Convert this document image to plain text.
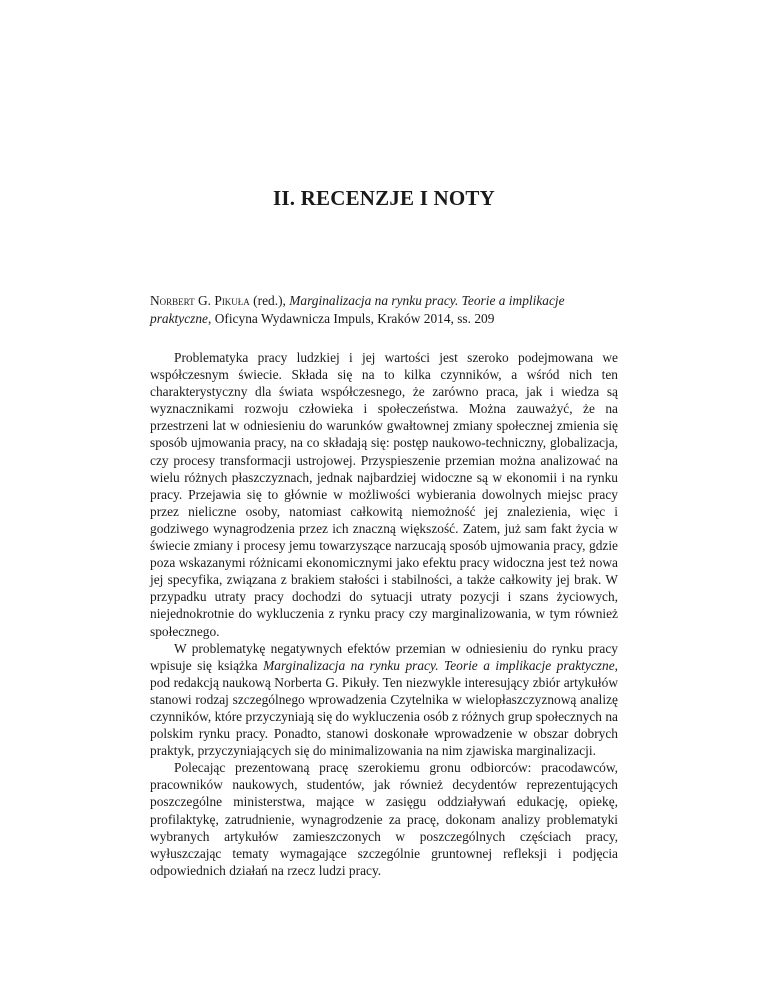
II. RECENZJE I NOTY

Norbert G. Pikuła (red.), Marginalizacja na rynku pracy. Teorie a implikacje praktyczne, Oficyna Wydawnicza Impuls, Kraków 2014, ss. 209

Problematyka pracy ludzkiej i jej wartości jest szeroko podejmowana we współczesnym świecie. Składa się na to kilka czynników, a wśród nich ten charakterystyczny dla świata współczesnego, że zarówno praca, jak i wiedza są wyznacznikami rozwoju człowieka i społeczeństwa. Można zauważyć, że na przestrzeni lat w odniesieniu do warunków gwałtownej zmiany społecznej zmienia się sposób ujmowania pracy, na co składają się: postęp naukowo-techniczny, globalizacja, czy procesy transformacji ustrojowej. Przyspieszenie przemian można analizować na wielu różnych płaszczyznach, jednak najbardziej widoczne są w ekonomii i na rynku pracy. Przejawia się to głównie w możliwości wybierania dowolnych miejsc pracy przez nieliczne osoby, natomiast całkowitą niemożność jej znalezienia, więc i godziwego wynagrodzenia przez ich znaczną większość. Zatem, już sam fakt życia w świecie zmiany i procesy jemu towarzyszące narzucają sposób ujmowania pracy, gdzie poza wskazanymi różnicami ekonomicznymi jako efektu pracy widoczna jest też nowa jej specyfika, związana z brakiem stałości i stabilności, a także całkowity jej brak. W przypadku utraty pracy dochodzi do sytuacji utraty pozycji i szans życiowych, niejednokrotnie do wykluczenia z rynku pracy czy marginalizowania, w tym również społecznego.

W problematykę negatywnych efektów przemian w odniesieniu do rynku pracy wpisuje się książka Marginalizacja na rynku pracy. Teorie a implikacje praktyczne, pod redakcją naukową Norberta G. Pikuły. Ten niezwykle interesujący zbiór artykułów stanowi rodzaj szczególnego wprowadzenia Czytelnika w wielopłaszczyznową analizę czynników, które przyczyniają się do wykluczenia osób z różnych grup społecznych na polskim rynku pracy. Ponadto, stanowi doskonałe wprowadzenie w obszar dobrych praktyk, przyczyniających się do minimalizowania na nim zjawiska marginalizacji.

Polecając prezentowaną pracę szerokiemu gronu odbiorców: pracodawców, pracowników naukowych, studentów, jak również decydentów reprezentujących poszczególne ministerstwa, mające w zasięgu oddziaływań edukację, opiekę, profilaktykę, zatrudnienie, wynagrodzenie za pracę, dokonam analizy problematyki wybranych artykułów zamieszczonych w poszczególnych częściach pracy, wyłuszczając tematy wymagające szczególnie gruntownej refleksji i podjęcia odpowiednich działań na rzecz ludzi pracy.
